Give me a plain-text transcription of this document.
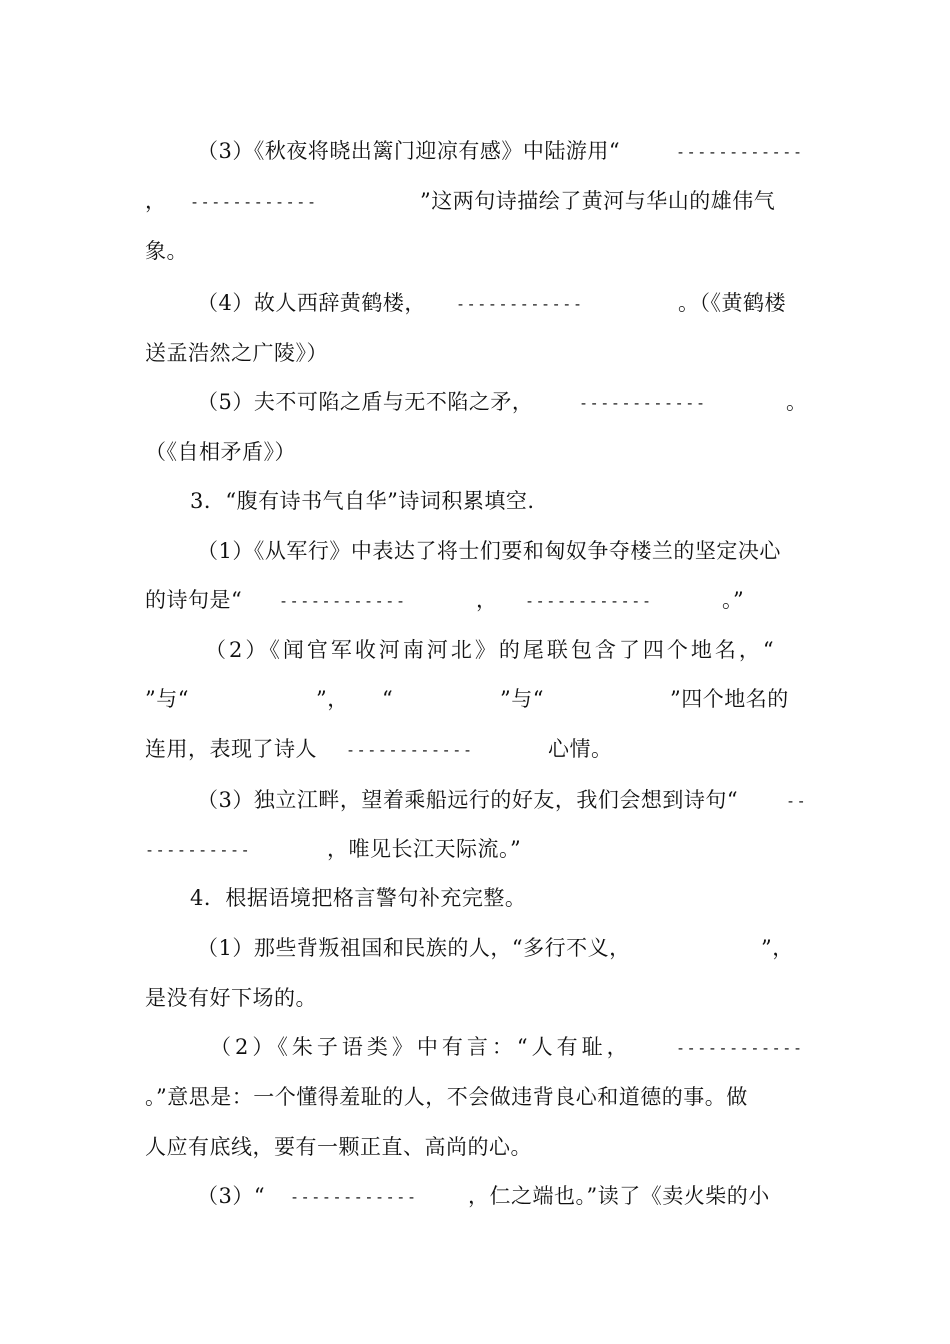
（3）《秋夜将晓出篱门迎凉有感》中陆游用“	------------
， ------------	”这两句诗描绘了黄河与华山的雄伟气
象。
（4）故人西辞黄鹤楼， ------------	。（《黄鹤楼
送孟浩然之广陵》）
（5）夫不可陷之盾与无不陷之矛，	------------	。
（《自相矛盾》）
3．“腹有诗书气自华”诗词积累填空.
（1）《从军行》中表达了将士们要和匈奴争夺楼兰的坚定决心
的诗句是“ ------------	， ------------	。”
（2）《闻官军收河南河北》的尾联包含了四个地名，“
”与“	”， “	”与“	”四个地名的
连用，表现了诗人 ------------	心情。
（3）独立江畔，望着乘船远行的好友，我们会想到诗句“	--
----------	，唯见长江天际流。”
4．根据语境把格言警句补充完整。
（1）那些背叛祖国和民族的人，“多行不义，	”，
是没有好下场的。
（2）《朱子语类》中有言：“人有耻，	------------
。”意思是：一个懂得羞耻的人，不会做违背良心和道德的事。做
人应有底线，要有一颗正直、高尚的心。
（3）“ ------------ ，仁之端也。”读了《卖火柴的小
